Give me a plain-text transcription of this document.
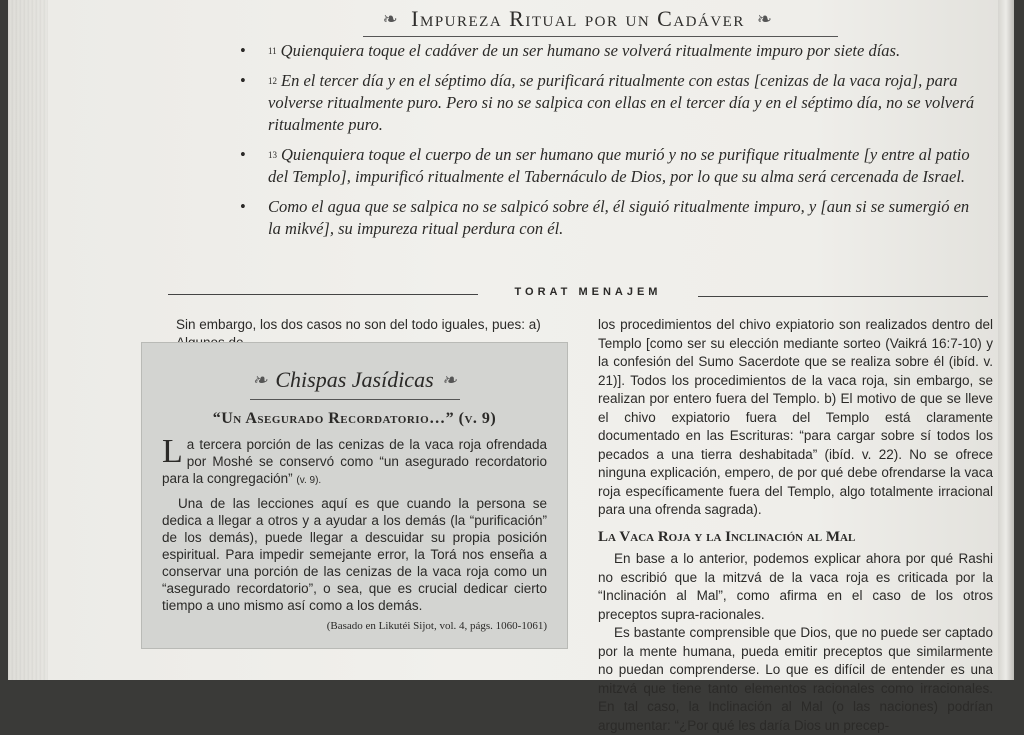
❧ Impureza Ritual por un Cadáver ❧
• $^{11}$ Quienquiera toque el cadáver de un ser humano se volverá ritualmente impuro por siete días.
• $^{12}$ En el tercer día y en el séptimo día, se purificará ritualmente con estas [cenizas de la vaca roja], para volverse ritualmente puro. Pero si no se salpica con ellas en el tercer día y en el séptimo día, no se volverá ritualmente puro.
• $^{13}$ Quienquiera toque el cuerpo de un ser humano que murió y no se purifique ritualmente [y entre al patio del Templo], impurificó ritualmente el Tabernáculo de Dios, por lo que su alma será cercenada de Israel.
• Como el agua que se salpica no se salpicó sobre él, él siguió ritualmente impuro, y [aun si se sumergió en la mikvé], su impureza ritual perdura con él.
TORAT MENAJEM
Sin embargo, los dos casos no son del todo iguales, pues: a)
❧ Chispas Jasídicas ❧
“Un Asegurado Recordatorio…” (v. 9)

La tercera porción de las cenizas de la vaca roja ofrendada por Moshé se conservó como “un asegurado recordatorio para la congregación” (v. 9).

Una de las lecciones aquí es que cuando la persona se dedica a llegar a otros y a ayudar a los demás (la “purificación” de los demás), puede llegar a descuidar su propia posición espiritual. Para impedir semejante error, la Torá nos enseña a conservar una porción de las cenizas de la vaca roja como un “asegurado recordatorio”, o sea, que es crucial dedicar cierto tiempo a uno mismo así como a los demás.

(Basado en Likutéi Sijot, vol. 4, págs. 1060-1061)

los procedimientos del chivo expiatorio son realizados dentro del Templo [como ser su elección mediante sorteo (Vaikrá 16:7-10) y la confesión del Sumo Sacerdote que se realiza sobre él (ibíd. v. 21)]. Todos los procedimientos de la vaca roja, sin embargo, se realizan por entero fuera del Templo. b) El motivo de que se lleve el chivo expiatorio fuera del Templo está claramente documentado en las Escrituras: “para cargar sobre sí todos los pecados a una tierra deshabitada” (ibíd. v. 22). No se ofrece ninguna explicación, empero, de por qué debe ofrendarse la vaca roja específicamente fuera del Templo, algo totalmente irracional para una ofrenda sagrada).

La Vaca Roja y la Inclinación al Mal

En base a lo anterior, podemos explicar ahora por qué Rashi no escribió que la mitzvá de la vaca roja es criticada por la “Inclinación al Mal”, como afirma en el caso de los otros preceptos supra-racionales.

Es bastante comprensible que Dios, que no puede ser captado por la mente humana, pueda emitir preceptos que similarmente no puedan comprenderse. Lo que es difícil de entender es una mitzvá que tiene tanto elementos racionales como irracionales. En tal caso, la Inclinación al Mal (o las naciones) podrían argumentar: “¿Por qué les daría Dios un precep-
